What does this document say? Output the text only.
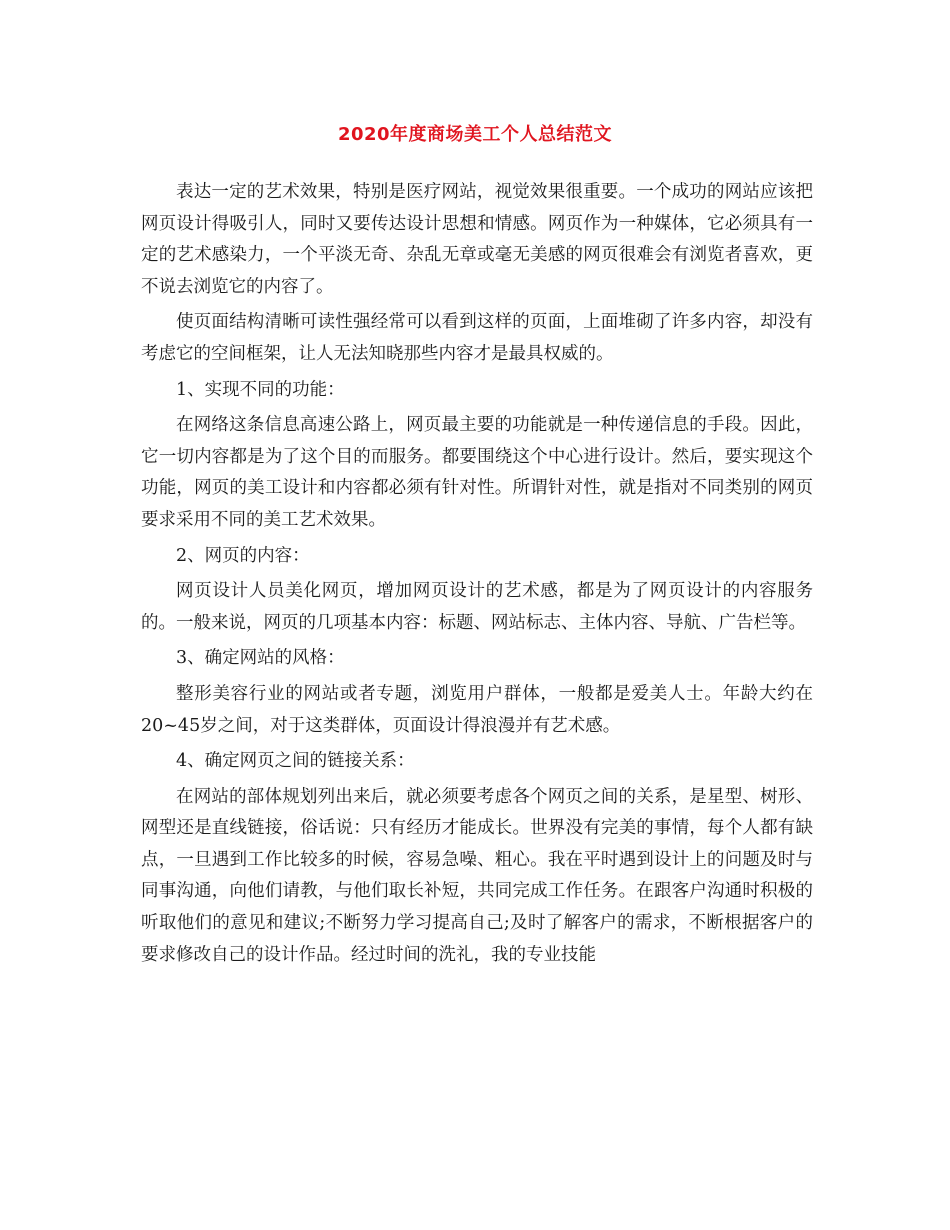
2020年度商场美工个人总结范文

表达一定的艺术效果，特别是医疗网站，视觉效果很重要。一个成功的网站应该把网页设计得吸引人，同时又要传达设计思想和情感。网页作为一种媒体，它必须具有一定的艺术感染力，一个平淡无奇、杂乱无章或毫无美感的网页很难会有浏览者喜欢，更不说去浏览它的内容了。

使页面结构清晰可读性强经常可以看到这样的页面，上面堆砌了许多内容，却没有考虑它的空间框架，让人无法知晓那些内容才是最具权威的。

1、实现不同的功能：

在网络这条信息高速公路上，网页最主要的功能就是一种传递信息的手段。因此，它一切内容都是为了这个目的而服务。都要围绕这个中心进行设计。然后，要实现这个功能，网页的美工设计和内容都必须有针对性。所谓针对性，就是指对不同类别的网页要求采用不同的美工艺术效果。

2、网页的内容：

网页设计人员美化网页，增加网页设计的艺术感，都是为了网页设计的内容服务的。一般来说，网页的几项基本内容：标题、网站标志、主体内容、导航、广告栏等。

3、确定网站的风格：

整形美容行业的网站或者专题，浏览用户群体，一般都是爱美人士。年龄大约在20~45岁之间，对于这类群体，页面设计得浪漫并有艺术感。

4、确定网页之间的链接关系：

在网站的部体规划列出来后，就必须要考虑各个网页之间的关系，是星型、树形、网型还是直线链接，俗话说：只有经历才能成长。世界没有完美的事情，每个人都有缺点，一旦遇到工作比较多的时候，容易急噪、粗心。我在平时遇到设计上的问题及时与同事沟通，向他们请教，与他们取长补短，共同完成工作任务。在跟客户沟通时积极的听取他们的意见和建议;不断努力学习提高自己;及时了解客户的需求，不断根据客户的要求修改自己的设计作品。经过时间的洗礼，我的专业技能
